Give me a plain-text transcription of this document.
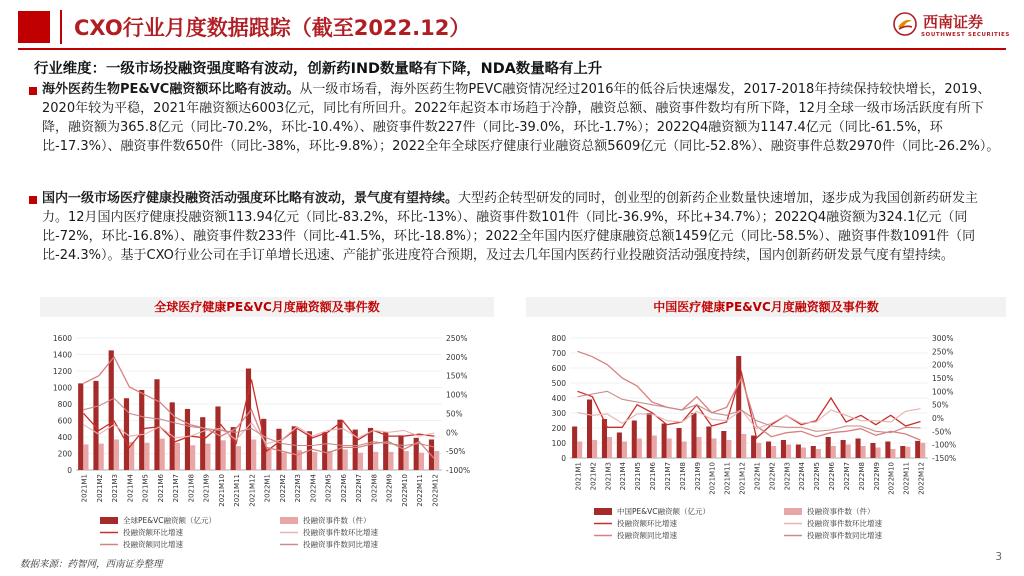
CXO行业月度数据跟踪（截至2022.12）	西南证券
SOUTHWEST SECURITIES
行业维度：一级市场投融资强度略有波动，创新药IND数量略有下降，NDA数量略有上升
海外医药生物PE&VC融资额环比略有波动。从一级市场看，海外医药生物PEVC融资情况经过2016年的低谷后快速爆发，2017-2018年持续保持较快增长，2019、2020年较为平稳，2021年融资额达6003亿元，同比有所回升。2022年起资本市场趋于冷静，融资总额、融资事件数均有所下降，12月全球一级市场活跃度有所下降，融资额为365.8亿元（同比-70.2%，环比-10.4%）、融资事件数227件（同比-39.0%，环比-1.7%）；2022Q4融资额为1147.4亿元（同比-61.5%，环比-17.3%）、融资事件数650件（同比-38%，环比-9.8%）；2022全年全球医疗健康行业融资总额5609亿元（同比-52.8%）、融资事件总数2970件（同比-26.2%）。
国内一级市场医疗健康投融资活动强度环比略有波动，景气度有望持续。大型药企转型研发的同时，创业型的创新药企业数量快速增加，逐步成为我国创新药研发主力。12月国内医疗健康投融资额113.94亿元（同比-83.2%，环比-13%）、融资事件数101件（同比-36.9%，环比+34.7%）；2022Q4融资额为324.1亿元（同比-72%，环比-16.8%）、融资事件数233件（同比-41.5%，环比-18.8%）；2022全年国内医疗健康融资总额1459亿元（同比-58.5%）、融资事件数1091件（同比-24.3%）。基于CXO行业公司在手订单增长迅速、产能扩张进度符合预期，及过去几年国内医药行业投融资活动强度持续，国内创新药研发景气度有望持续。
全球医疗健康PE&VC月度融资额及事件数	中国医疗健康PE&VC月度融资额及事件数
0
200
400
600
800
1000
1200
1400
1600
-100%
-50%
0%
50%
100%
150%
200%
250%
2021M1 2021M2 2021M3 2021M4 2021M5 2021M6 2021M7 2021M8 2021M9 2021M10 2021M11 2021M12 2022M1 2022M2 2022M3 2022M4 2022M5 2022M6 2022M7 2022M8 2022M9 2022M10 2022M11 2022M12
全球PE&VC融资额（亿元）	投融资事件数（件）
投融资额环比增速	投融资事件数环比增速
投融资额同比增速	投融资事件数同比增速
0
100
200
300
400
500
600
700
800
-150%
-100%
-50%
0%
50%
100%
150%
200%
250%
300%
2021M1 2021M2 2021M3 2021M4 2021M5 2021M6 2021M7 2021M8 2021M9 2021M10 2021M11 2021M12 2022M1 2022M2 2022M3 2022M4 2022M5 2022M6 2022M7 2022M8 2022M9 2022M10 2022M11 2022M12
中国PE&VC融资额（亿元）	投融资事件数（件）
投融资额环比增速	投融资事件数环比增速
投融资额同比增速	投融资事件数同比增速
数据来源：药智网，西南证券整理
3
